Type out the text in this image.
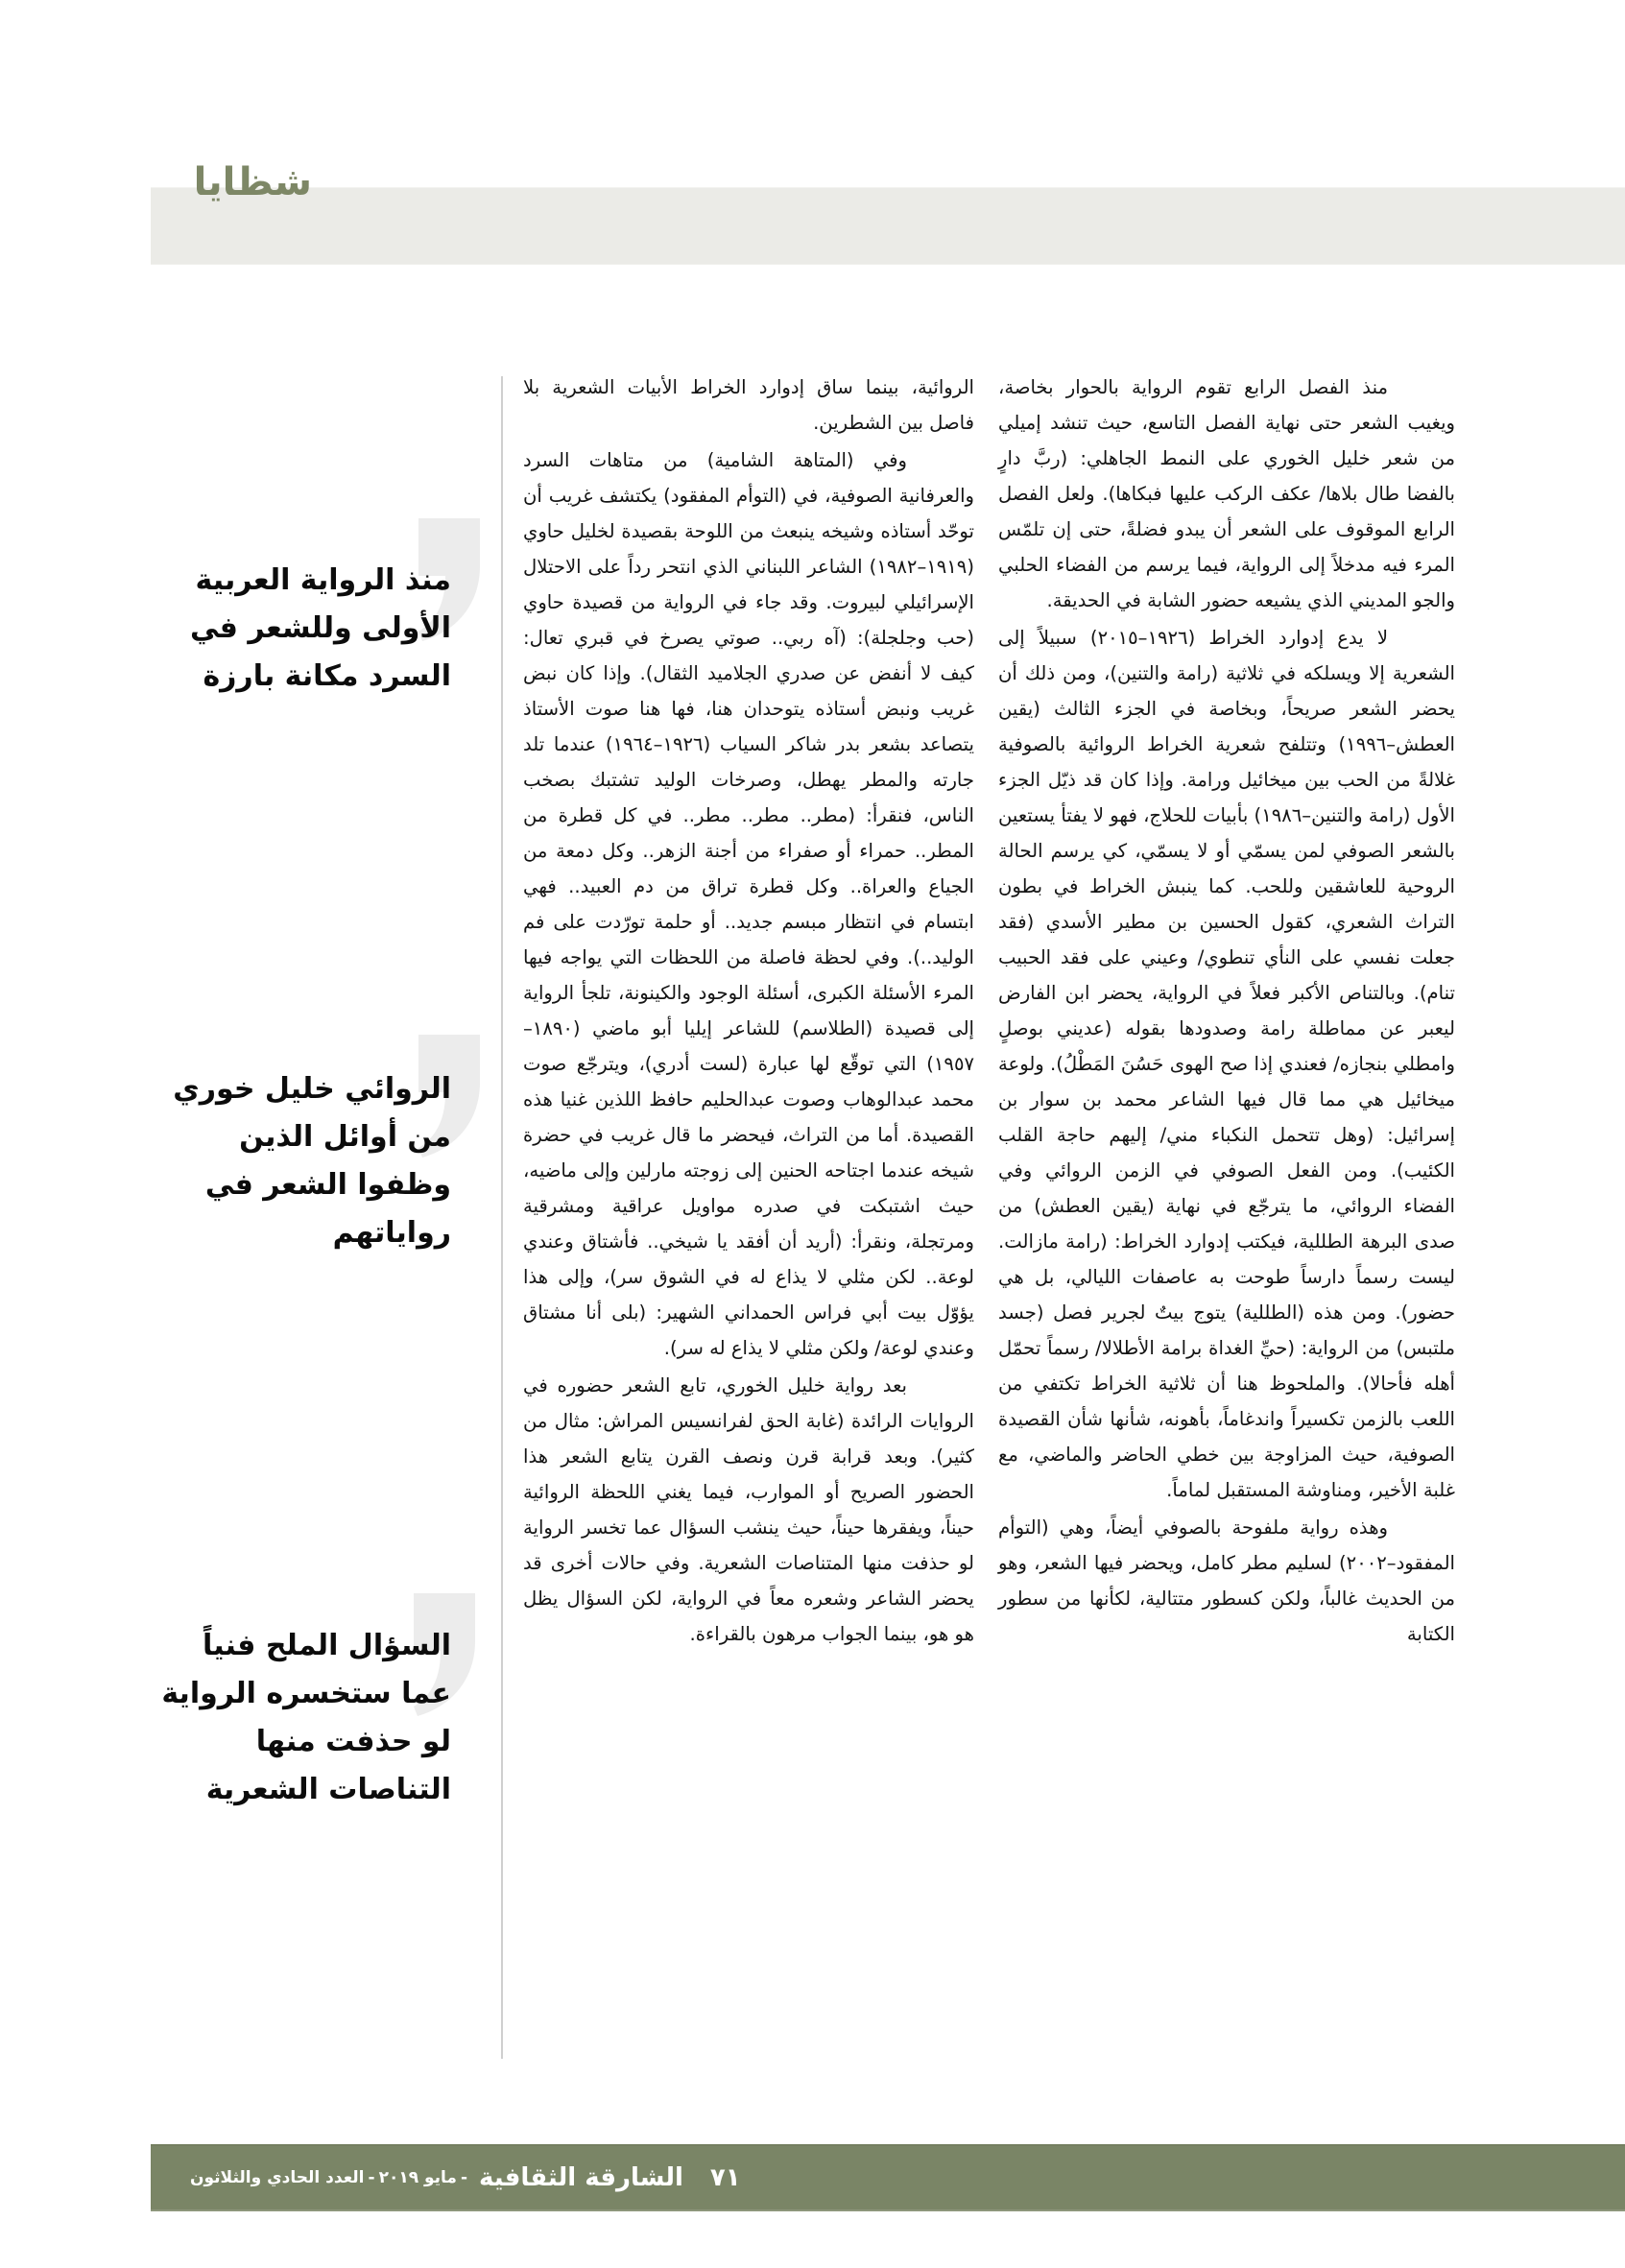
شظايا
منذ الرواية العربية الأولى وللشعر في السرد مكانة بارزة
الروائي خليل خوري من أوائل الذين وظفوا الشعر في رواياتهم
السؤال الملح فنياً عما ستخسره الرواية لو حذفت منها التناصات الشعرية

منذ الفصل الرابع تقوم الرواية بالحوار بخاصة، ويغيب الشعر حتى نهاية الفصل التاسع، حيث تنشد إميلي من شعر خليل الخوري على النمط الجاهلي: (ربَّ دارٍ بالفضا طال بلاها/ عكف الركب عليها فبكاها). ولعل الفصل الرابع الموقوف على الشعر أن يبدو فضلةً، حتى إن تلمّس المرء فيه مدخلاً إلى الرواية، فيما يرسم من الفضاء الحلبي والجو المديني الذي يشيعه حضور الشابة في الحديقة.

لا يدع إدوارد الخراط (١٩٢٦–٢٠١٥) سبيلاً إلى الشعرية إلا ويسلكه في ثلاثية (رامة والتنين)، ومن ذلك أن يحضر الشعر صريحاً، وبخاصة في الجزء الثالث (يقين العطش–١٩٩٦) وتتلفح شعرية الخراط الروائية بالصوفية غلالةً من الحب بين ميخائيل ورامة. وإذا كان قد ذيّل الجزء الأول (رامة والتنين–١٩٨٦) بأبيات للحلاج، فهو لا يفتأ يستعين بالشعر الصوفي لمن يسمّي أو لا يسمّي، كي يرسم الحالة الروحية للعاشقين وللحب. كما ينبش الخراط في بطون التراث الشعري، كقول الحسين بن مطير الأسدي (فقد جعلت نفسي على النأي تنطوي/ وعيني على فقد الحبيب تنام). وبالتناص الأكبر فعلاً في الرواية، يحضر ابن الفارض ليعبر عن مماطلة رامة وصدودها بقوله (عديني بوصلٍ وامطلي بنجازه/ فعندي إذا صح الهوى حَسُنَ المَطْلُ). ولوعة ميخائيل هي مما قال فيها الشاعر محمد بن سوار بن إسرائيل: (وهل تتحمل النكباء مني/ إليهم حاجة القلب الكئيب). ومن الفعل الصوفي في الزمن الروائي وفي الفضاء الروائي، ما يترجّع في نهاية (يقين العطش) من صدى البرهة الطللية، فيكتب إدوارد الخراط: (رامة مازالت. ليست رسماً دارساً طوحت به عاصفات الليالي، بل هي حضور). ومن هذه (الطللية) يتوج بيتٌ لجرير فصل (جسد ملتبس) من الرواية: (حيِّ الغداة برامة الأطلالا/ رسماً تحمّل أهله فأحالا). والملحوظ هنا أن ثلاثية الخراط تكتفي من اللعب بالزمن تكسيراً واندغاماً، بأهونه، شأنها شأن القصيدة الصوفية، حيث المزاوجة بين خطي الحاضر والماضي، مع غلبة الأخير، ومناوشة المستقبل لماماً.

وهذه رواية ملفوحة بالصوفي أيضاً، وهي (التوأم المفقود–٢٠٠٢) لسليم مطر كامل، ويحضر فيها الشعر، وهو من الحديث غالباً، ولكن كسطور متتالية، لكأنها من سطور الكتابة

الروائية، بينما ساق إدوارد الخراط الأبيات الشعرية بلا فاصل بين الشطرين.

وفي (المتاهة الشامية) من متاهات السرد والعرفانية الصوفية، في (التوأم المفقود) يكتشف غريب أن توحّد أستاذه وشيخه ينبعث من اللوحة بقصيدة لخليل حاوي (١٩١٩–١٩٨٢) الشاعر اللبناني الذي انتحر رداً على الاحتلال الإسرائيلي لبيروت. وقد جاء في الرواية من قصيدة حاوي (حب وجلجلة): (آه ربي.. صوتي يصرخ في قبري تعال: كيف لا أنفض عن صدري الجلاميد الثقال). وإذا كان نبض غريب ونبض أستاذه يتوحدان هنا، فها هنا صوت الأستاذ يتصاعد بشعر بدر شاكر السياب (١٩٢٦–١٩٦٤) عندما تلد جارته والمطر يهطل، وصرخات الوليد تشتبك بصخب الناس، فنقرأ: (مطر.. مطر.. مطر.. في كل قطرة من المطر.. حمراء أو صفراء من أجنة الزهر.. وكل دمعة من الجياع والعراة.. وكل قطرة تراق من دم العبيد.. فهي ابتسام في انتظار مبسم جديد.. أو حلمة تورّدت على فم الوليد..). وفي لحظة فاصلة من اللحظات التي يواجه فيها المرء الأسئلة الكبرى، أسئلة الوجود والكينونة، تلجأ الرواية إلى قصيدة (الطلاسم) للشاعر إيليا أبو ماضي (١٨٩٠–١٩٥٧) التي توقّع لها عبارة (لست أدري)، ويترجّع صوت محمد عبدالوهاب وصوت عبدالحليم حافظ اللذين غنيا هذه القصيدة. أما من التراث، فيحضر ما قال غريب في حضرة شيخه عندما اجتاحه الحنين إلى زوجته مارلين وإلى ماضيه، حيث اشتبكت في صدره مواويل عراقية ومشرقية ومرتجلة، ونقرأ: (أريد أن أفقد يا شيخي.. فأشتاق وعندي لوعة.. لكن مثلي لا يذاع له في الشوق سر)، وإلى هذا يؤوّل بيت أبي فراس الحمداني الشهير: (بلى أنا مشتاق وعندي لوعة/ ولكن مثلي لا يذاع له سر).

بعد رواية خليل الخوري، تابع الشعر حضوره في الروايات الرائدة (غابة الحق لفرانسيس المراش: مثال من كثير). وبعد قرابة قرن ونصف القرن يتابع الشعر هذا الحضور الصريح أو الموارب، فيما يغني اللحظة الروائية حيناً، ويفقرها حيناً، حيث ينشب السؤال عما تخسر الرواية لو حذفت منها المتناصات الشعرية. وفي حالات أخرى قد يحضر الشاعر وشعره معاً في الرواية، لكن السؤال يظل هو هو، بينما الجواب مرهون بالقراءة.

العدد الحادي والثلاثون - مايو ٢٠١٩ - الشارقة الثقافية ٧١
